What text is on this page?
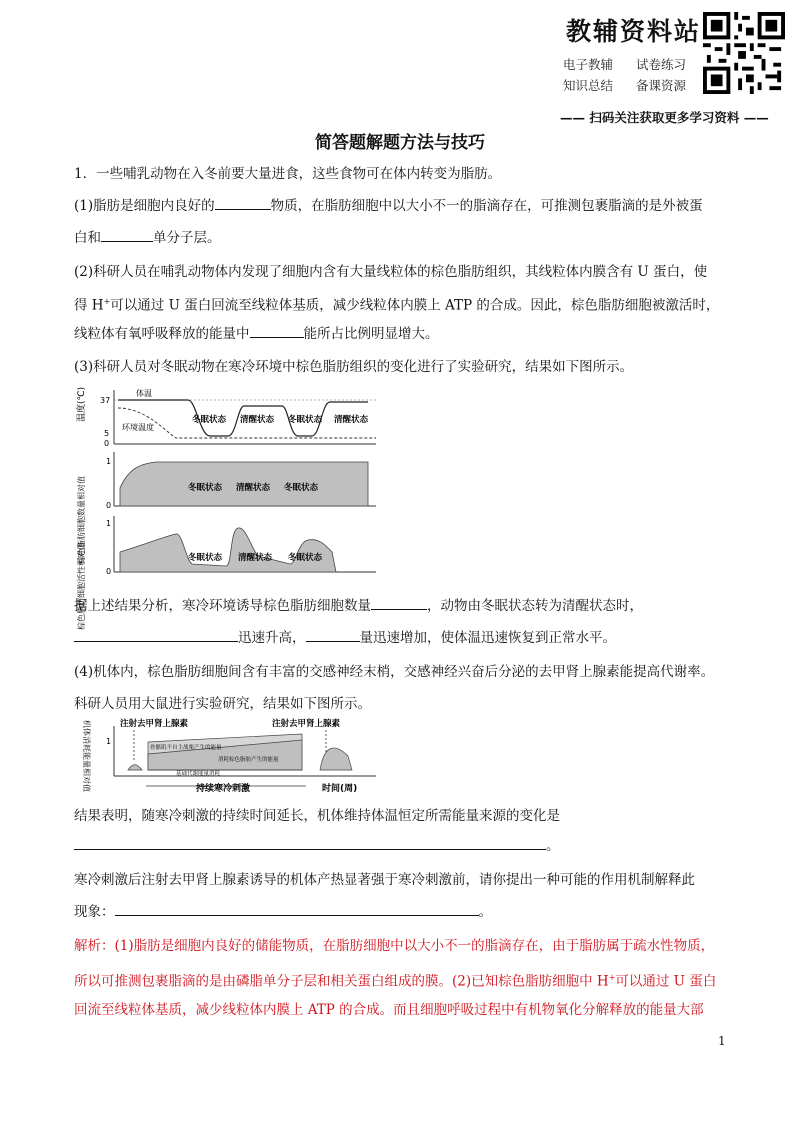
教辅资料站
电子教辅 试卷练习
知识总结 备课资源
—— 扫码关注获取更多学习资料 ——
简答题解题方法与技巧
1．一些哺乳动物在入冬前要大量进食，这些食物可在体内转变为脂肪。
(1)脂肪是细胞内良好的	物质，在脂肪细胞中以大小不一的脂滴存在，可推测包裹脂滴的是外被蛋
白和	单分子层。
(2)科研人员在哺乳动物体内发现了细胞内含有大量线粒体的棕色脂肪组织，其线粒体内膜含有 U 蛋白，使
得 H+可以通过 U 蛋白回流至线粒体基质，减少线粒体内膜上 ATP 的合成。因此，棕色脂肪细胞被激活时，
线粒体有氧呼吸释放的能量中	能所占比例明显增大。
(3)科研人员对冬眠动物在寒冷环境中棕色脂肪组织的变化进行了实验研究，结果如下图所示。
温度(℃) 37
5
0
体温
环境温度
冬眠状态 清醒状态 冬眠状态 清醒状态
棕色脂肪细胞数量相对值
1
0
冬眠状态 清醒状态 冬眠状态
棕色脂肪细胞活性相对值
1
0
冬眠状态 清醒状态 冬眠状态
据上述结果分析，寒冷环境诱导棕色脂肪细胞数量	，动物由冬眠状态转为清醒状态时，
迅速升高，	量迅速增加，使体温迅速恢复到正常水平。
(4)机体内，棕色脂肪细胞间含有丰富的交感神经末梢，交感神经兴奋后分泌的去甲肾上腺素能提高代谢率。
科研人员用大鼠进行实验研究，结果如下图所示。
机体消耗能量相对值 1
注射去甲肾上腺素	注射去甲肾上腺素
骨骼肌不自主战栗产生的能量
消耗棕色脂肪产生的能量
基础代谢能量消耗
持续寒冷刺激	时间(周)
结果表明，随寒冷刺激的持续时间延长，机体维持体温恒定所需能量来源的变化是
。
寒冷刺激后注射去甲肾上腺素诱导的机体产热显著强于寒冷刺激前，请你提出一种可能的作用机制解释此
现象：	。
解析：(1)脂肪是细胞内良好的储能物质，在脂肪细胞中以大小不一的脂滴存在，由于脂肪属于疏水性物质，
所以可推测包裹脂滴的是由磷脂单分子层和相关蛋白组成的膜。(2)已知棕色脂肪细胞中 H+可以通过 U 蛋白
回流至线粒体基质，减少线粒体内膜上 ATP 的合成。而且细胞呼吸过程中有机物氧化分解释放的能量大部
1
